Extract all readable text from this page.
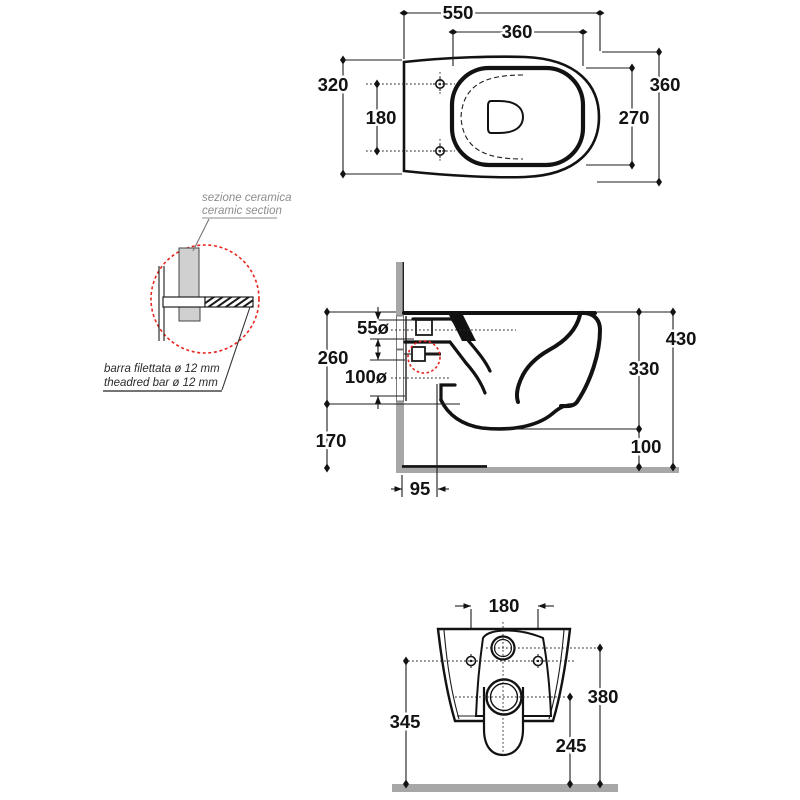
550
360
320
180
360
270
sezione ceramica
ceramic section
barra filettata ø 12 mm
theadred bar ø 12 mm
55ø
100ø
260
170
95
430
330
100
180
345
380
245
